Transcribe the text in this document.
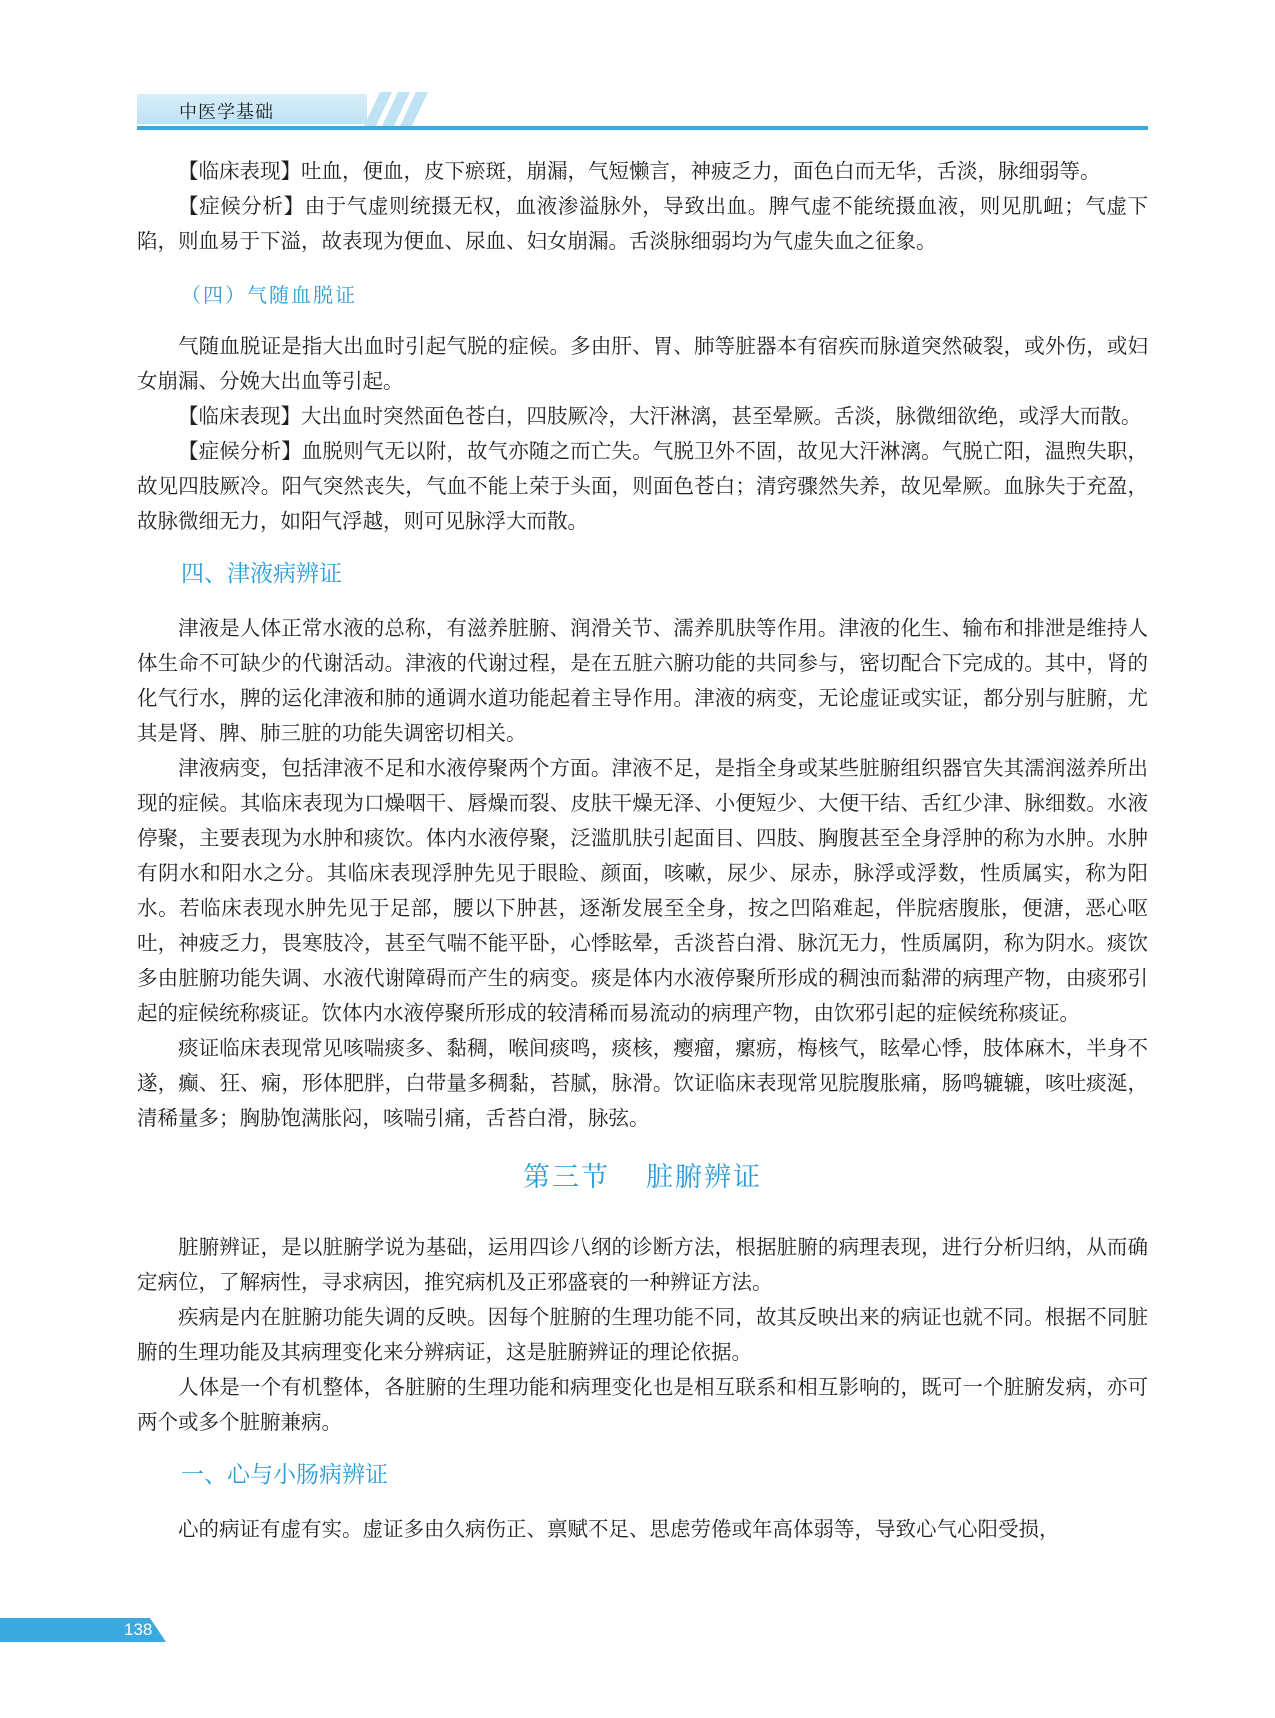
中医学基础

【临床表现】吐血，便血，皮下瘀斑，崩漏，气短懒言，神疲乏力，面色白而无华，舌淡，脉细弱等。

【症候分析】由于气虚则统摄无权，血液渗溢脉外，导致出血。脾气虚不能统摄血液，则见肌衄；气虚下陷，则血易于下溢，故表现为便血、尿血、妇女崩漏。舌淡脉细弱均为气虚失血之征象。

（四）气随血脱证

气随血脱证是指大出血时引起气脱的症候。多由肝、胃、肺等脏器本有宿疾而脉道突然破裂，或外伤，或妇女崩漏、分娩大出血等引起。

【临床表现】大出血时突然面色苍白，四肢厥冷，大汗淋漓，甚至晕厥。舌淡，脉微细欲绝，或浮大而散。

【症候分析】血脱则气无以附，故气亦随之而亡失。气脱卫外不固，故见大汗淋漓。气脱亡阳，温煦失职，故见四肢厥冷。阳气突然丧失，气血不能上荣于头面，则面色苍白；清窍骤然失养，故见晕厥。血脉失于充盈，故脉微细无力，如阳气浮越，则可见脉浮大而散。

四、津液病辨证

津液是人体正常水液的总称，有滋养脏腑、润滑关节、濡养肌肤等作用。津液的化生、输布和排泄是维持人体生命不可缺少的代谢活动。津液的代谢过程，是在五脏六腑功能的共同参与，密切配合下完成的。其中，肾的化气行水，脾的运化津液和肺的通调水道功能起着主导作用。津液的病变，无论虚证或实证，都分别与脏腑，尤其是肾、脾、肺三脏的功能失调密切相关。

津液病变，包括津液不足和水液停聚两个方面。津液不足，是指全身或某些脏腑组织器官失其濡润滋养所出现的症候。其临床表现为口燥咽干、唇燥而裂、皮肤干燥无泽、小便短少、大便干结、舌红少津、脉细数。水液停聚，主要表现为水肿和痰饮。体内水液停聚，泛滥肌肤引起面目、四肢、胸腹甚至全身浮肿的称为水肿。水肿有阴水和阳水之分。其临床表现浮肿先见于眼睑、颜面，咳嗽，尿少、尿赤，脉浮或浮数，性质属实，称为阳水。若临床表现水肿先见于足部，腰以下肿甚，逐渐发展至全身，按之凹陷难起，伴脘痞腹胀，便溏，恶心呕吐，神疲乏力，畏寒肢冷，甚至气喘不能平卧，心悸眩晕，舌淡苔白滑、脉沉无力，性质属阴，称为阴水。痰饮多由脏腑功能失调、水液代谢障碍而产生的病变。痰是体内水液停聚所形成的稠浊而黏滞的病理产物，由痰邪引起的症候统称痰证。饮体内水液停聚所形成的较清稀而易流动的病理产物，由饮邪引起的症候统称痰证。

痰证临床表现常见咳喘痰多、黏稠，喉间痰鸣，痰核，瘿瘤，瘰疬，梅核气，眩晕心悸，肢体麻木，半身不遂，癫、狂、痫，形体肥胖，白带量多稠黏，苔腻，脉滑。饮证临床表现常见脘腹胀痛，肠鸣辘辘，咳吐痰涎，清稀量多；胸胁饱满胀闷，咳喘引痛，舌苔白滑，脉弦。

第三节 脏腑辨证

脏腑辨证，是以脏腑学说为基础，运用四诊八纲的诊断方法，根据脏腑的病理表现，进行分析归纳，从而确定病位，了解病性，寻求病因，推究病机及正邪盛衰的一种辨证方法。

疾病是内在脏腑功能失调的反映。因每个脏腑的生理功能不同，故其反映出来的病证也就不同。根据不同脏腑的生理功能及其病理变化来分辨病证，这是脏腑辨证的理论依据。

人体是一个有机整体，各脏腑的生理功能和病理变化也是相互联系和相互影响的，既可一个脏腑发病，亦可两个或多个脏腑兼病。

一、心与小肠病辨证

心的病证有虚有实。虚证多由久病伤正、禀赋不足、思虑劳倦或年高体弱等，导致心气心阳受损，

138
